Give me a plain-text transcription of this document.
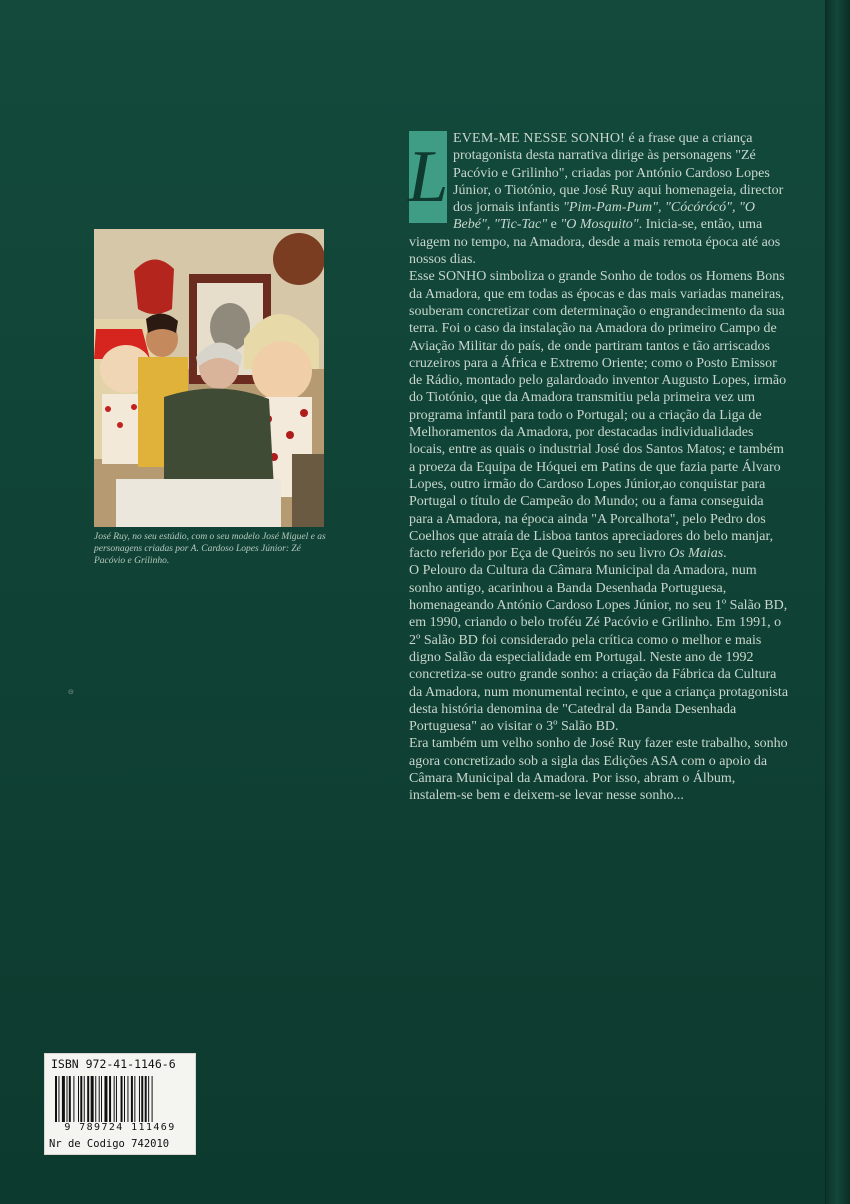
José Ruy, no seu estúdio, com o seu modelo José Miguel e as personagens criadas por A. Cardoso Lopes Júnior: Zé Pacóvio e Grilinho.
ꙫ
L EVEM-ME NESSE SONHO! é a frase que a criança protagonista desta narrativa dirige às personagens "Zé Pacóvio e Grilinho", criadas por António Cardoso Lopes Júnior, o Tiotónio, que José Ruy aqui homenageia, director dos jornais infantis "Pim-Pam-Pum", "Cócórócó", "O Bebé", "Tic-Tac" e "O Mosquito". Inicia-se, então, uma viagem no tempo, na Amadora, desde a mais remota época até aos nossos dias.

Esse SONHO simboliza o grande Sonho de todos os Homens Bons da Amadora, que em todas as épocas e das mais variadas maneiras, souberam concretizar com determinação o engrandecimento da sua terra. Foi o caso da instalação na Amadora do primeiro Campo de Aviação Militar do país, de onde partiram tantos e tão arriscados cruzeiros para a África e Extremo Oriente; como o Posto Emissor de Rádio, montado pelo galardoado inventor Augusto Lopes, irmão do Tiotónio, que da Amadora transmitiu pela primeira vez um programa infantil para todo o Portugal; ou a criação da Liga de Melhoramentos da Amadora, por destacadas individualidades locais, entre as quais o industrial José dos Santos Matos; e também a proeza da Equipa de Hóquei em Patins de que fazia parte Álvaro Lopes, outro irmão do Cardoso Lopes Júnior,ao conquistar para Portugal o título de Campeão do Mundo; ou a fama conseguida para a Amadora, na época ainda "A Porcalhota", pelo Pedro dos Coelhos que atraía de Lisboa tantos apreciadores do belo manjar, facto referido por Eça de Queirós no seu livro Os Maias.

O Pelouro da Cultura da Câmara Municipal da Amadora, num sonho antigo, acarinhou a Banda Desenhada Portuguesa, homenageando António Cardoso Lopes Júnior, no seu 1º Salão BD, em 1990, criando o belo troféu Zé Pacóvio e Grilinho. Em 1991, o 2º Salão BD foi considerado pela crítica como o melhor e mais digno Salão da especialidade em Portugal. Neste ano de 1992 concretiza-se outro grande sonho: a criação da Fábrica da Cultura da Amadora, num monumental recinto, e que a criança protagonista desta história denomina de "Catedral da Banda Desenhada Portuguesa" ao visitar o 3º Salão BD.

Era também um velho sonho de José Ruy fazer este trabalho, sonho agora concretizado sob a sigla das Edições ASA com o apoio da Câmara Municipal da Amadora. Por isso, abram o Álbum, instalem-se bem e deixem-se levar nesse sonho...

ISBN 972-41-1146-6
9 789724 111469
Nr de Codigo 742010
